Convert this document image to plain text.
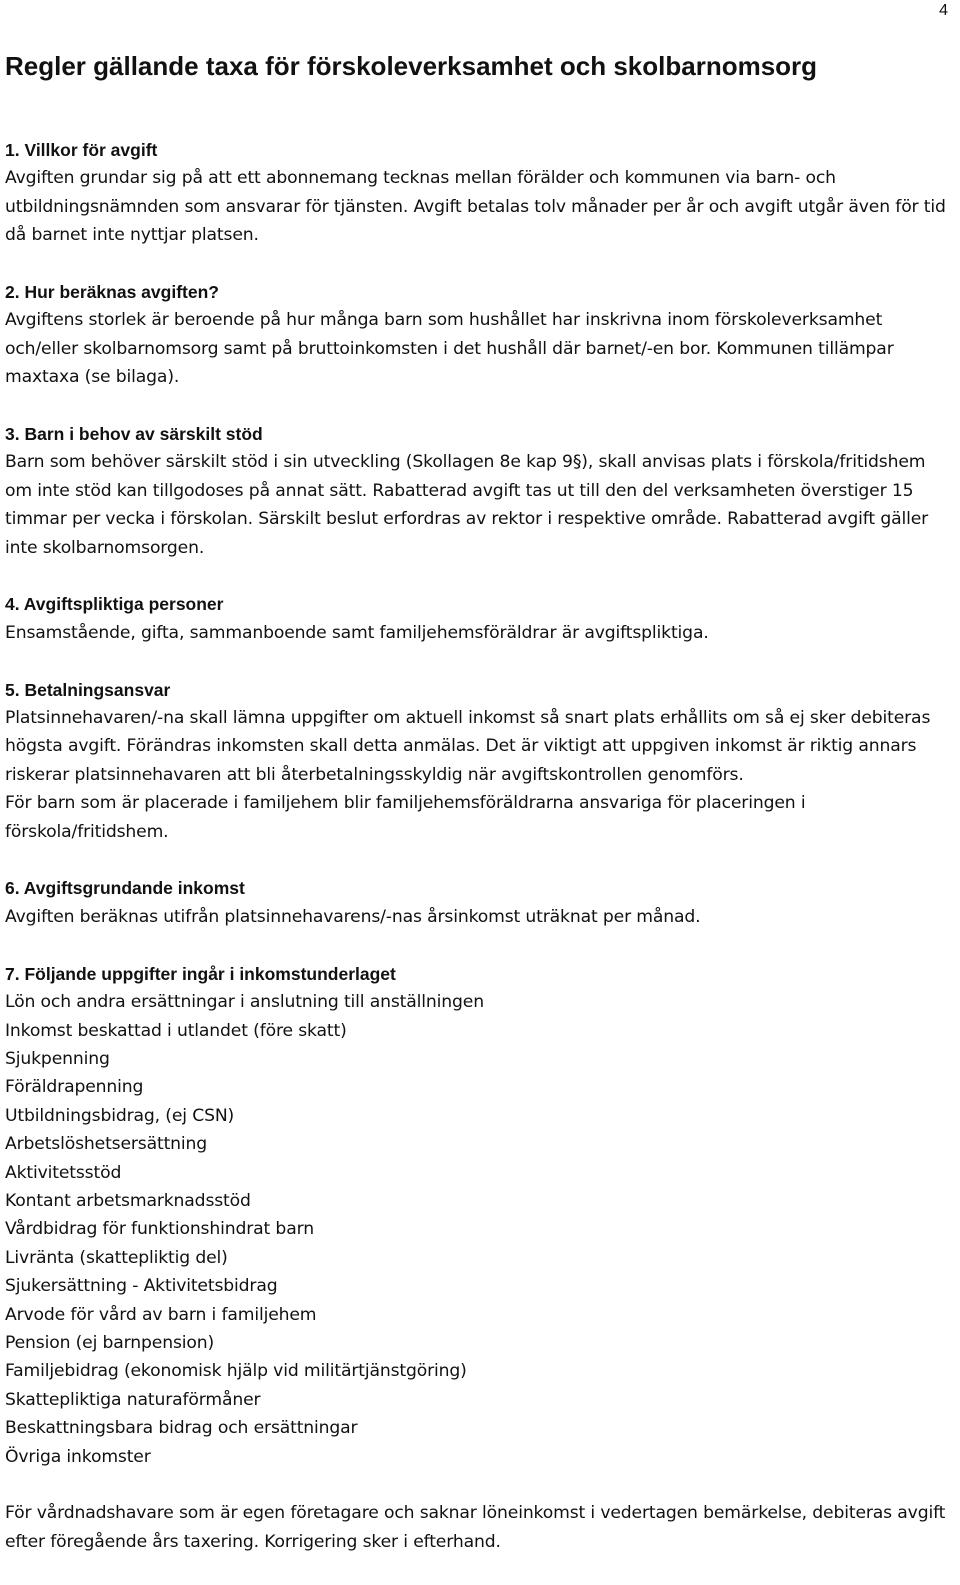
4
Regler gällande taxa för förskoleverksamhet och skolbarnomsorg

1. Villkor för avgift

Avgiften grundar sig på att ett abonnemang tecknas mellan förälder och kommunen via barn- och utbildningsnämnden som ansvarar för tjänsten. Avgift betalas tolv månader per år och avgift utgår även för tid då barnet inte nyttjar platsen.

2. Hur beräknas avgiften?

Avgiftens storlek är beroende på hur många barn som hushållet har inskrivna inom förskoleverksamhet och/eller skolbarnomsorg samt på bruttoinkomsten i det hushåll där barnet/-en bor. Kommunen tillämpar maxtaxa (se bilaga).

3. Barn i behov av särskilt stöd

Barn som behöver särskilt stöd i sin utveckling (Skollagen 8e kap 9§), skall anvisas plats i förskola/fritidshem om inte stöd kan tillgodoses på annat sätt. Rabatterad avgift tas ut till den del verksamheten överstiger 15 timmar per vecka i förskolan. Särskilt beslut erfordras av rektor i respektive område. Rabatterad avgift gäller inte skolbarnomsorgen.

4. Avgiftspliktiga personer

Ensamstående, gifta, sammanboende samt familjehemsföräldrar är avgiftspliktiga.

5. Betalningsansvar

Platsinnehavaren/-na skall lämna uppgifter om aktuell inkomst så snart plats erhållits om så ej sker debiteras högsta avgift. Förändras inkomsten skall detta anmälas. Det är viktigt att uppgiven inkomst är riktig annars riskerar platsinnehavaren att bli återbetalningsskyldig när avgiftskontrollen genomförs.

För barn som är placerade i familjehem blir familjehemsföräldrarna ansvariga för placeringen i förskola/fritidshem.

6. Avgiftsgrundande inkomst

Avgiften beräknas utifrån platsinnehavarens/-nas årsinkomst uträknat per månad.

7. Följande uppgifter ingår i inkomstunderlaget

Lön och andra ersättningar i anslutning till anställningen
Inkomst beskattad i utlandet (före skatt)
Sjukpenning
Föräldrapenning
Utbildningsbidrag, (ej CSN)
Arbetslöshetsersättning
Aktivitetsstöd
Kontant arbetsmarknadsstöd
Vårdbidrag för funktionshindrat barn
Livränta (skattepliktig del)
Sjukersättning - Aktivitetsbidrag
Arvode för vård av barn i familjehem
Pension (ej barnpension)
Familjebidrag (ekonomisk hjälp vid militärtjänstgöring)
Skattepliktiga naturaförmåner
Beskattningsbara bidrag och ersättningar
Övriga inkomster

För vårdnadshavare som är egen företagare och saknar löneinkomst i vedertagen bemärkelse, debiteras avgift efter föregående års taxering. Korrigering sker i efterhand.
